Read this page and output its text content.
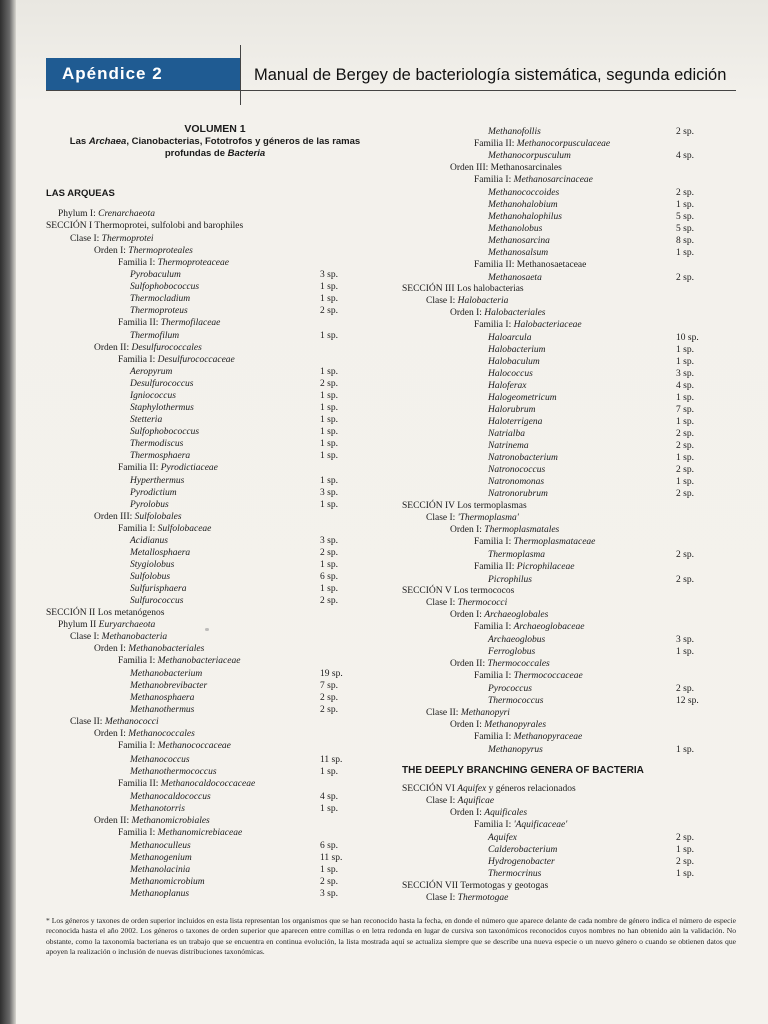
Apéndice 2	Manual de Bergey de bacteriología sistemática, segunda edición
VOLUMEN 1
Las Archaea, Cianobacterias, Fototrofos y géneros de las ramas
profundas de Bacteria
LAS ARQUEAS
THE DEEPLY BRANCHING GENERA OF BACTERIA
Phylum I: Crenarchaeota
SECCIÓN I Thermoprotei, sulfolobi and barophiles
Clase I: Thermoprotei
Orden I: Thermoproteales
Familia I: Thermoproteaceae
Pyrobaculum	3 sp.
Sulfophobococcus	1 sp.
Thermocladium	1 sp.
Thermoproteus	2 sp.
Familia II: Thermofilaceae
Thermofilum	1 sp.
Orden II: Desulfurococcales
Familia I: Desulfurococcaceae
Aeropyrum	1 sp.
Desulfurococcus	2 sp.
Igniococcus	1 sp.
Staphylothermus	1 sp.
Stetteria	1 sp.
Sulfophobococcus	1 sp.
Thermodiscus	1 sp.
Thermosphaera	1 sp.
Familia II: Pyrodictiaceae
Hyperthermus	1 sp.
Pyrodictium	3 sp.
Pyrolobus	1 sp.
Orden III: Sulfolobales
Familia I: Sulfolobaceae
Acidianus	3 sp.
Metallosphaera	2 sp.
Stygiolobus	1 sp.
Sulfolobus	6 sp.
Sulfurisphaera	1 sp.
Sulfurococcus	2 sp.
SECCIÓN II Los metanógenos
Phylum II Euryarchaeota
Clase I: Methanobacteria
Orden I: Methanobacteriales
Familia I: Methanobacteriaceae
Methanobacterium	19 sp.
Methanobrevibacter	7 sp.
Methanosphaera	2 sp.
Methanothermus	2 sp.
Clase II: Methanococci
Orden I: Methanococcales
Familia I: Methanococcaceae
Methanococcus	11 sp.
Methanothermococcus	1 sp.
Familia II: Methanocaldococcaceae
Methanocaldococcus	4 sp.
Methanotorris	1 sp.
Orden II: Methanomicrobiales
Familia I: Methanomicrebiaceae
Methanoculleus	6 sp.
Methanogenium	11 sp.
Methanolacinia	1 sp.
Methanomicrobium	2 sp.
Methanoplanus	3 sp.
Methanofollis	2 sp.
Familia II: Methanocorpusculaceae
Methanocorpusculum	4 sp.
Orden III: Methanosarcinales
Familia I: Methanosarcinaceae
Methanococcoides	2 sp.
Methanohalobium	1 sp.
Methanohalophilus	5 sp.
Methanolobus	5 sp.
Methanosarcina	8 sp.
Methanosalsum	1 sp.
Familia II: Methanosaetaceae
Methanosaeta	2 sp.
SECCIÓN III Los halobacterias
Clase I: Halobacteria
Orden I: Halobacteriales
Familia I: Halobacteriaceae
Haloarcula	10 sp.
Halobacterium	1 sp.
Halobaculum	1 sp.
Halococcus	3 sp.
Haloferax	4 sp.
Halogeometricum	1 sp.
Halorubrum	7 sp.
Haloterrigena	1 sp.
Natrialba	2 sp.
Natrinema	2 sp.
Natronobacterium	1 sp.
Natronococcus	2 sp.
Natronomonas	1 sp.
Natronorubrum	2 sp.
SECCIÓN IV Los termoplasmas
Clase I: 'Thermoplasma'
Orden I: Thermoplasmatales
Familia I: Thermoplasmataceae
Thermoplasma	2 sp.
Familia II: Picrophilaceae
Picrophilus	2 sp.
SECCIÓN V Los termococos
Clase I: Thermococci
Orden I: Archaeoglobales
Familia I: Archaeoglobaceae
Archaeoglobus	3 sp.
Ferroglobus	1 sp.
Orden II: Thermococcales
Familia I: Thermococcaceae
Pyrococcus	2 sp.
Thermococcus	12 sp.
Clase II: Methanopyri
Orden I: Methanopyrales
Familia I: Methanopyraceae
Methanopyrus	1 sp.
SECCIÓN VI Aquifex y géneros relacionados
Clase I: Aquificae
Orden I: Aquificales
Familia I: 'Aquificaceae'
Aquifex	2 sp.
Calderobacterium	1 sp.
Hydrogenobacter	2 sp.
Thermocrinus	1 sp.
SECCIÓN VII Termotogas y geotogas
Clase I: Thermotogae
* Los géneros y taxones de orden superior incluidos en esta lista representan los organismos que se han reconocido hasta la fecha, en donde el número que aparece delante de cada nombre de género indica el número de especie reconocida hasta el año 2002. Los géneros o taxones de orden superior que aparecen entre comillas o en letra redonda en lugar de cursiva son taxonómicos reconocidos cuyos nombres no han obtenido aún la validación. No obstante, como la taxonomía bacteriana es un trabajo que se encuentra en continua evolución, la lista mostrada aquí se actualiza siempre que se describe una nueva especie o un nuevo género o cuando se obtienen datos que apoyen la realización o inclusión de nuevas distribuciones taxonómicas.
